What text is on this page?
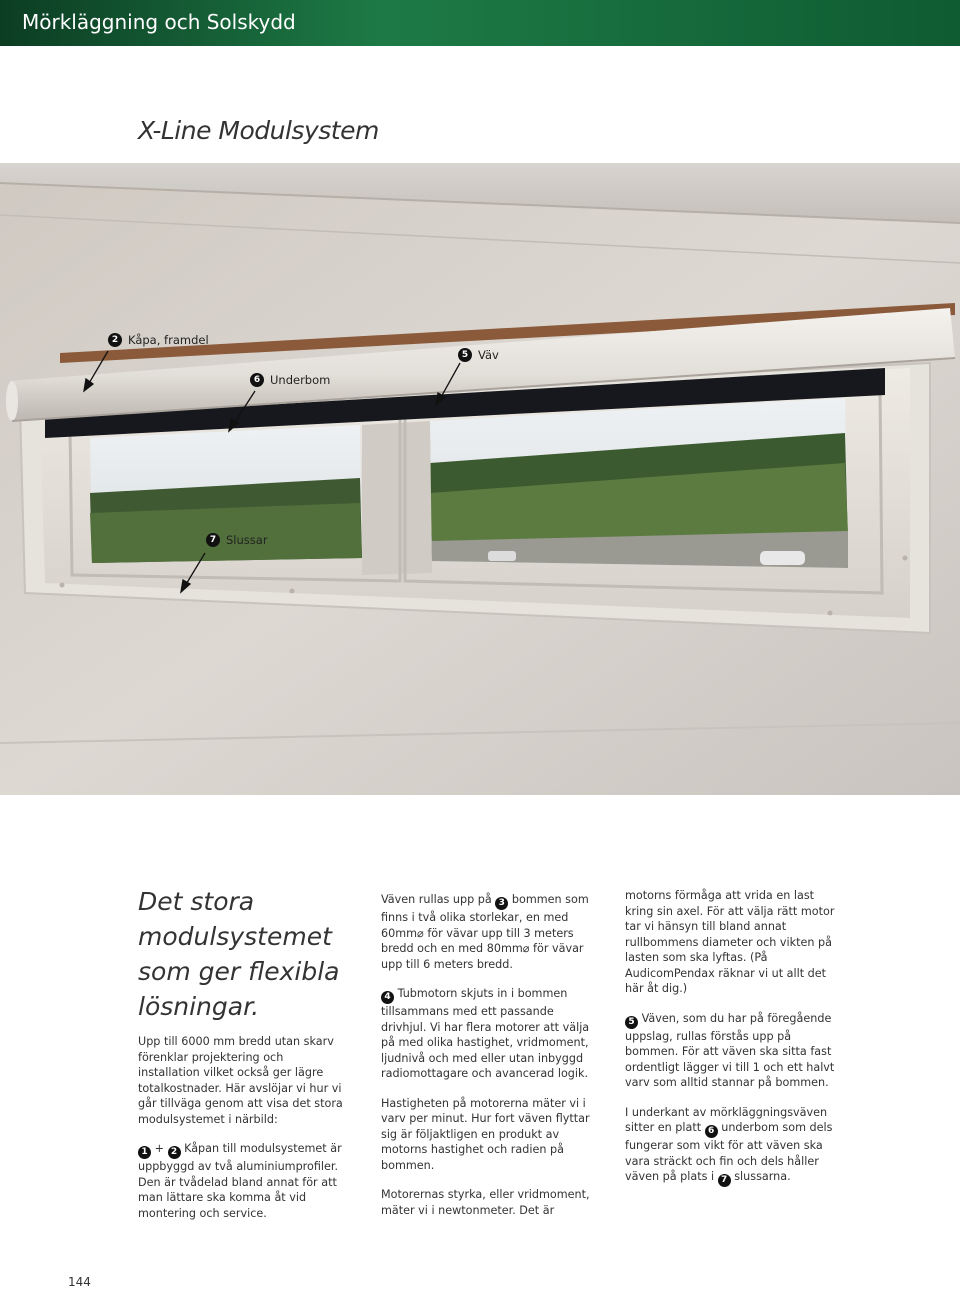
Mörkläggning och Solskydd
X-Line Modulsystem
2 Kåpa, framdel
5 Väv
6 Underbom
7 Slussar
Det stora modulsystemet som ger flexibla lösningar.

Upp till 6000 mm bredd utan skarv förenklar projektering och installation vilket också ger lägre totalkostnader. Här avslöjar vi hur vi går tillväga genom att visa det stora modulsystemet i närbild:

1 + 2 Kåpan till modulsystemet är uppbyggd av två aluminiumprofiler. Den är tvådelad bland annat för att man lättare ska komma åt vid montering och service.

Väven rullas upp på 3 bommen som finns i två olika storlekar, en med 60mm⌀ för vävar upp till 3 meters bredd och en med 80mm⌀ för vävar upp till 6 meters bredd.

4 Tubmotorn skjuts in i bommen tillsammans med ett passande drivhjul. Vi har flera motorer att välja på med olika hastighet, vridmoment, ljudnivå och med eller utan inbyggd radiomottagare och avancerad logik.

Hastigheten på motorerna mäter vi i varv per minut. Hur fort väven flyttar sig är följaktligen en produkt av motorns hastighet och radien på bommen.

Motorernas styrka, eller vridmoment, mäter vi i newtonmeter. Det är

motorns förmåga att vrida en last kring sin axel. För att välja rätt motor tar vi hänsyn till bland annat rullbommens diameter och vikten på lasten som ska lyftas. (På AudicomPendax räknar vi ut allt det här åt dig.)

5 Väven, som du har på föregående uppslag, rullas förstås upp på bommen. För att väven ska sitta fast ordentligt lägger vi till 1 och ett halvt varv som alltid stannar på bommen.

I underkant av mörkläggningsväven sitter en platt 6 underbom som dels fungerar som vikt för att väven ska vara sträckt och fin och dels håller väven på plats i 7 slussarna.

144
